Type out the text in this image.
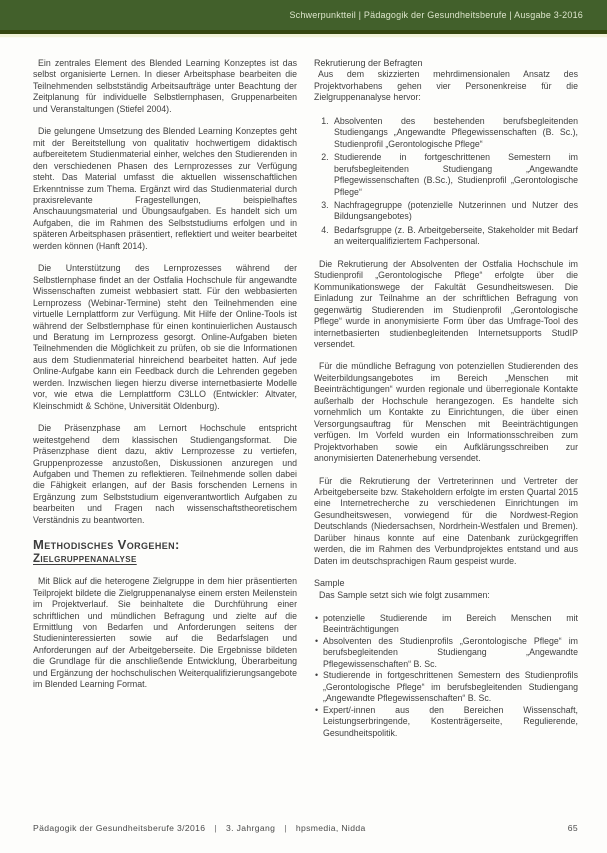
Schwerpunktteil | Pädagogik der Gesundheitsberufe | Ausgabe 3-2016

Ein zentrales Element des Blended Learning Konzeptes ist das selbst organisierte Lernen. In dieser Arbeitsphase bearbeiten die Teilnehmenden selbstständig Arbeitsaufträge unter Beachtung der Zeitplanung für individuelle Selbstlernphasen, Gruppenarbeiten und Veranstaltungen (Stiefel 2004).

Die gelungene Umsetzung des Blended Learning Konzeptes geht mit der Bereitstellung von qualitativ hochwertigem didaktisch aufbereitetem Studienmaterial einher, welches den Studierenden in den verschiedenen Phasen des Lernprozesses zur Verfügung steht. Das Material umfasst die aktuellen wissenschaftlichen Erkenntnisse zum Thema. Ergänzt wird das Studienmaterial durch praxisrelevante Fragestellungen, beispielhaftes Anschauungsmaterial und Übungsaufgaben. Es handelt sich um Aufgaben, die im Rahmen des Selbststudiums erfolgen und in späteren Arbeitsphasen präsentiert, reflektiert und weiter bearbeitet werden können (Hanft 2014).

Die Unterstützung des Lernprozesses während der Selbstlernphase findet an der Ostfalia Hochschule für angewandte Wissenschaften zumeist webbasiert statt. Für den webbasierten Lernprozess (Webinar-Termine) steht den Teilnehmenden eine virtuelle Lernplattform zur Verfügung. Mit Hilfe der Online-Tools ist während der Selbstlernphase für einen kontinuierlichen Austausch und Beratung im Lernprozess gesorgt. Online-Aufgaben bieten Teilnehmenden die Möglichkeit zu prüfen, ob sie die Informationen aus dem Studienmaterial hinreichend bearbeitet hatten. Auf jede Online-Aufgabe kann ein Feedback durch die Lehrenden gegeben werden. Inzwischen liegen hierzu diverse internetbasierte Modelle vor, wie etwa die Lernplattform C3LLO (Entwickler: Altvater, Kleinschmidt & Schöne, Universität Oldenburg).

Die Präsenzphase am Lernort Hochschule entspricht weitestgehend dem klassischen Studiengangsformat. Die Präsenzphase dient dazu, aktiv Lernprozesse zu vertiefen, Gruppenprozesse anzustoßen, Diskussionen anzuregen und Aufgaben und Themen zu reflektieren. Teilnehmende sollen dabei die Fähigkeit erlangen, auf der Basis forschenden Lernens in Ergänzung zum Selbststudium eigenverantwortlich Aufgaben zu bearbeiten und Fragen nach wissenschaftstheoretischem Verständnis zu beantworten.

Methodisches Vorgehen:
Zielgruppenanalyse

Mit Blick auf die heterogene Zielgruppe in dem hier präsentierten Teilprojekt bildete die Zielgruppenanalyse einem ersten Meilenstein im Projektverlauf. Sie beinhaltete die Durchführung einer schriftlichen und mündlichen Befragung und zielte auf die Ermittlung von Bedarfen und Anforderungen seitens der Studieninteressierten sowie auf die Bedarfslagen und Anforderungen auf der Arbeitgeberseite. Die Ergebnisse bildeten die Grundlage für die anschließende Entwicklung, Überarbeitung und Ergänzung der hochschulischen Weiterqualifizierungsangebote im Blended Learning Format.

Rekrutierung der Befragten

Aus dem skizzierten mehrdimensionalen Ansatz des Projektvorhabens gehen vier Personenkreise für die Zielgruppenanalyse hervor:

1. Absolventen des bestehenden berufsbegleitenden Studiengangs „Angewandte Pflegewissenschaften (B. Sc.), Studienprofil „Gerontologische Pflege“
2. Studierende in fortgeschrittenen Semestern im berufsbegleitenden Studiengang „Angewandte Pflegewissenschaften (B.Sc.), Studienprofil „Gerontologische Pflege“
3. Nachfragegruppe (potenzielle Nutzerinnen und Nutzer des Bildungsangebotes)
4. Bedarfsgruppe (z. B. Arbeitgeberseite, Stakeholder mit Bedarf an weiterqualifiziertem Fachpersonal.

Die Rekrutierung der Absolventen der Ostfalia Hochschule im Studienprofil „Gerontologische Pflege“ erfolgte über die Kommunikationswege der Fakultät Gesundheitswesen. Die Einladung zur Teilnahme an der schriftlichen Befragung von gegenwärtig Studierenden im Studienprofil „Gerontologische Pflege“ wurde in anonymisierte Form über das Umfrage-Tool des internetbasierten studienbegleitenden Internetsupports StudIP versendet.

Für die mündliche Befragung von potenziellen Studierenden des Weiterbildungsangebotes im Bereich „Menschen mit Beeinträchtigungen“ wurden regionale und überregionale Kontakte außerhalb der Hochschule herangezogen. Es handelte sich vornehmlich um Kontakte zu Einrichtungen, die über einen Versorgungsauftrag für Menschen mit Beeinträchtigungen verfügen. Im Vorfeld wurden ein Informationsschreiben zum Projektvorhaben sowie ein Aufklärungsschreiben zur anonymisierten Datenerhebung versendet.

Für die Rekrutierung der Vertreterinnen und Vertreter der Arbeitgeberseite bzw. Stakeholdern erfolgte im ersten Quartal 2015 eine Internetrecherche zu verschiedenen Einrichtungen im Gesundheitswesen, vorwiegend für die Nordwest-Region Deutschlands (Niedersachsen, Nordrhein-Westfalen und Bremen). Darüber hinaus konnte auf eine Datenbank zurückgegriffen werden, die im Rahmen des Verbundprojektes entstand und aus Daten im deutschsprachigen Raum gespeist wurde.

Sample

Das Sample setzt sich wie folgt zusammen:

• potenzielle Studierende im Bereich Menschen mit Beeinträchtigungen
• Absolventen des Studienprofils „Gerontologische Pflege“ im berufsbegleitenden Studiengang „Angewandte Pflegewissenschaften“ B. Sc.
• Studierende in fortgeschrittenen Semestern des Studienprofils „Gerontologische Pflege“ im berufsbegleitenden Studiengang „Angewandte Pflegewissenschaften“ B. Sc.
• Expert/-innen aus den Bereichen Wissenschaft, Leistungserbringende, Kostenträgerseite, Regulierende, Gesundheitspolitik.
Pädagogik der Gesundheitsberufe 3/2016 | 3. Jahrgang | hpsmedia, Nidda	65
